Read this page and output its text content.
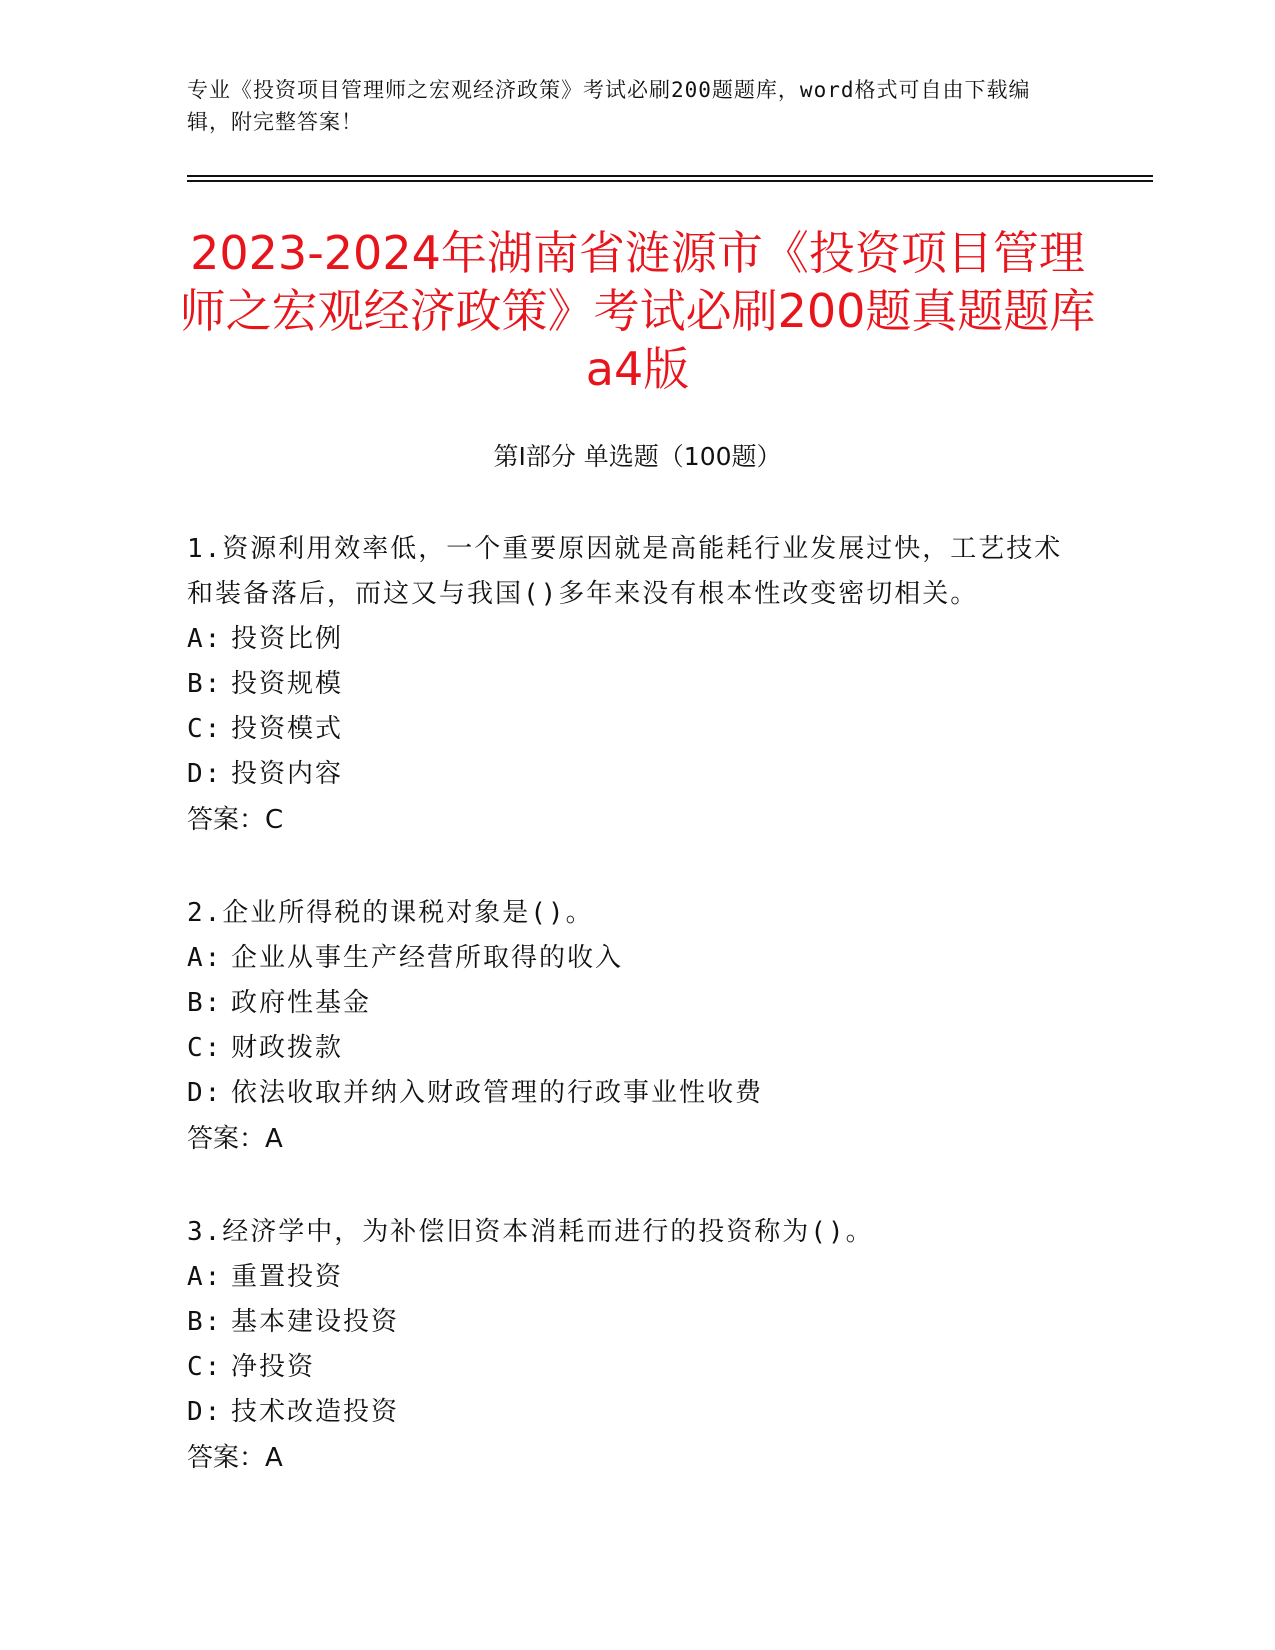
专业《投资项目管理师之宏观经济政策》考试必刷200题题库，word格式可自由下载编辑，附完整答案！
2023-2024年湖南省涟源市《投资项目管理师之宏观经济政策》考试必刷200题真题题库a4版
第Ⅰ部分 单选题（100题）
1.资源利用效率低，一个重要原因就是高能耗行业发展过快，工艺技术和装备落后，而这又与我国()多年来没有根本性改变密切相关。
A: 投资比例
B: 投资规模
C: 投资模式
D: 投资内容
答案：C
2.企业所得税的课税对象是()。
A: 企业从事生产经营所取得的收入
B: 政府性基金
C: 财政拨款
D: 依法收取并纳入财政管理的行政事业性收费
答案：A
3.经济学中，为补偿旧资本消耗而进行的投资称为()。
A: 重置投资
B: 基本建设投资
C: 净投资
D: 技术改造投资
答案：A
